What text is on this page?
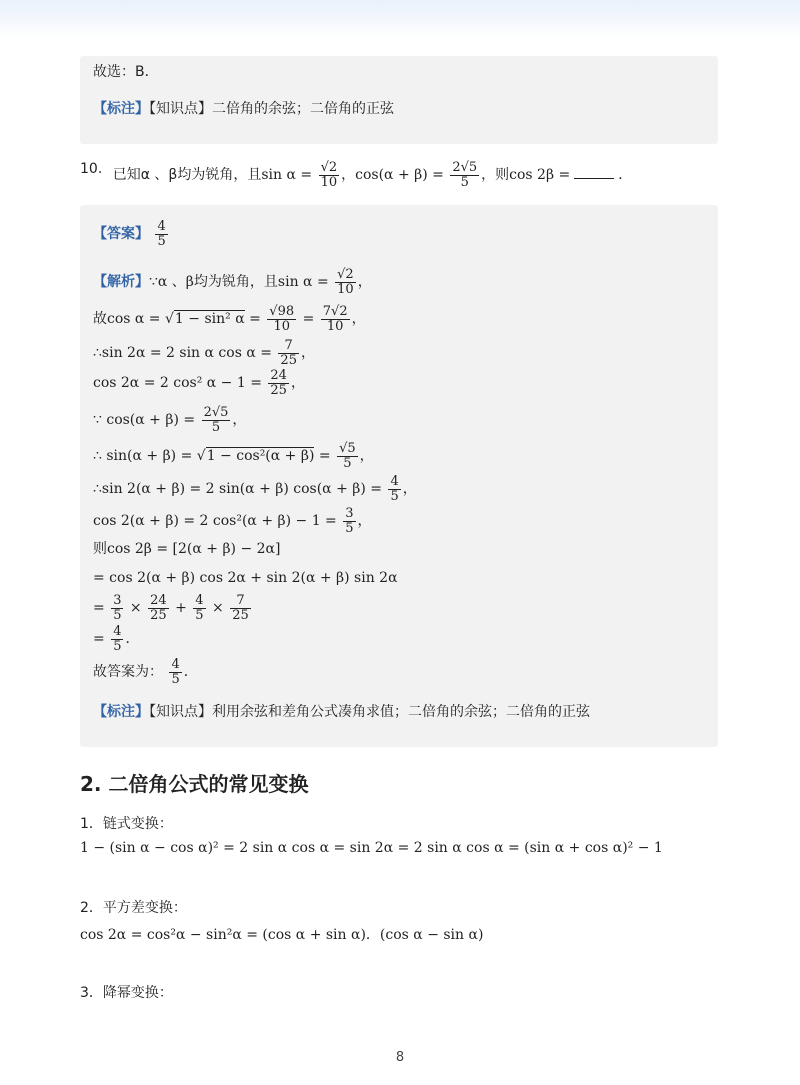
故选：B．
【标注】【知识点】二倍角的余弦；二倍角的正弦
10. 已知α 、β均为锐角，且$\sin \alpha = \frac{√2}{10}$ ，$\cos(\alpha + \beta) = \frac{2√5}{5}$ ，则cos 2β =	．
【答案】 $\frac{4}{5}$
【解析】∵α 、β均为锐角，且$\sin \alpha = \frac{√2}{10}$ ，
故cos α = √1 − sin² $\alpha = \frac{√98}{10} = \frac{7√2}{10}$ ，
∴sin 2α = 2 sin α $\cos \alpha = \frac{7}{25}$ ，
cos 2α = 2 cos² $\alpha - 1 = \frac{24}{25}$ ，
∵ $\cos(\alpha + \beta) = \frac{2√5}{5}$ ，
∴ $\sin(\alpha + \beta) = √1 - \cos^2(\alpha + \beta) = \frac{√5}{5}$ ，
∴sin 2(α + β) = 2 sin(α + β) $\cos(\alpha + \beta) = \frac{4}{5}$ ，
cos 2(α + β) = 2 $\cos^2(\alpha + \beta) - 1 = \frac{3}{5}$ ，
则cos 2β = [2(α + β) − 2α]
= cos 2(α + β) cos 2α + sin 2(α + β) sin 2α
= $\frac{3}{5} \times \frac{24}{25} + \frac{4}{5} \times \frac{7}{25}$
= $\frac{4}{5}$ ．
故答案为： $\frac{4}{5}$ ．
【标注】【知识点】利用余弦和差角公式凑角求值；二倍角的余弦；二倍角的正弦
2. 二倍角公式的常见变换
1．链式变换：
1 − (sin α − cos α)² = 2 sin α cos α = sin 2α = 2 sin α cos α = (sin α + cos α)² − 1
2．平方差变换：
cos 2α = cos²α − sin²α = (cos α + sin α)．(cos α − sin α)
3．降幂变换：
8
